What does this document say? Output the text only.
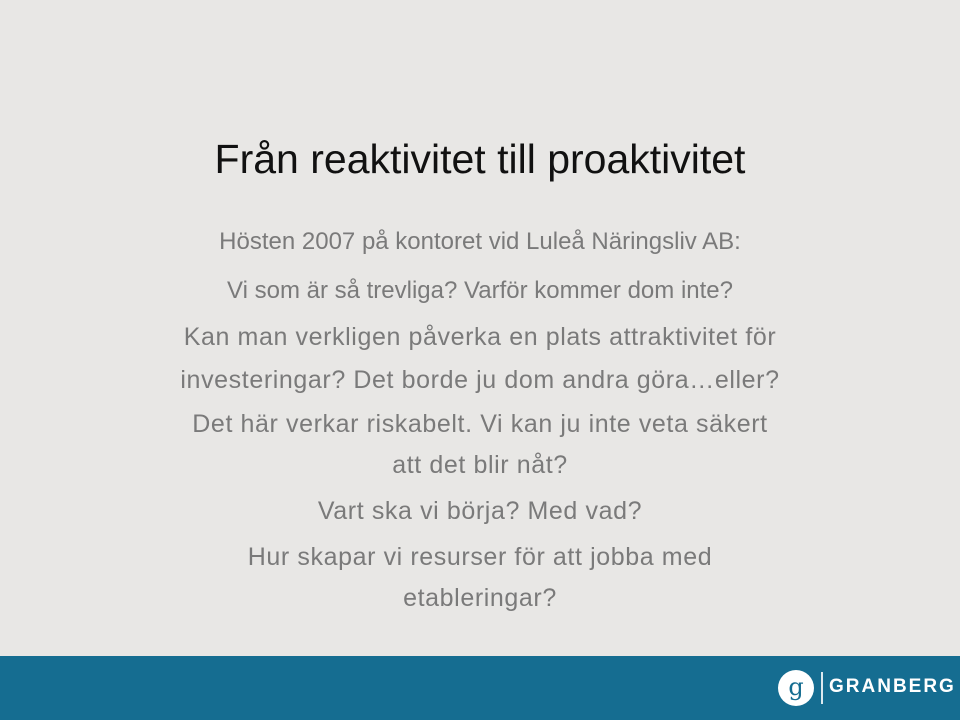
Från reaktivitet till proaktivitet
Hösten 2007 på kontoret vid Luleå Näringsliv AB:
Vi som är så trevliga? Varför kommer dom inte?
Kan man verkligen påverka en plats attraktivitet för
investeringar? Det borde ju dom andra göra…eller?
Det här verkar riskabelt. Vi kan ju inte veta säkert
att det blir nåt?
Vart ska vi börja? Med vad?
Hur skapar vi resurser för att jobba med
etableringar?
g	GRANBERG
